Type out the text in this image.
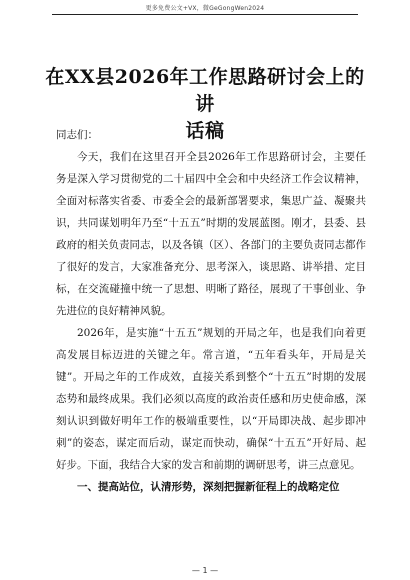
更多免费公文+VX，微GeGongWen2024
在XX县2026年工作思路研讨会上的讲
话稿

同志们：

今天，我们在这里召开全县2026年工作思路研讨会，主要任务是深入学习贯彻党的二十届四中全会和中央经济工作会议精神，全面对标落实省委、市委全会的最新部署要求，集思广益、凝聚共识，共同谋划明年乃至“十五五”时期的发展蓝图。刚才，县委、县政府的相关负责同志，以及各镇（区）、各部门的主要负责同志都作了很好的发言，大家准备充分、思考深入，谈思路、讲举措、定目标，在交流碰撞中统一了思想、明晰了路径，展现了干事创业、争先进位的良好精神风貌。

2026年，是实施“十五五”规划的开局之年，也是我们向着更高发展目标迈进的关键之年。常言道，“五年看头年，开局是关键”。开局之年的工作成效，直接关系到整个“十五五”时期的发展态势和最终成果。我们必须以高度的政治责任感和历史使命感，深刻认识到做好明年工作的极端重要性，以“开局即决战、起步即冲刺”的姿态，谋定而后动，谋定而快动，确保“十五五”开好局、起好步。下面，我结合大家的发言和前期的调研思考，讲三点意见。

一、提高站位，认清形势，深刻把握新征程上的战略定位

— 1 —
